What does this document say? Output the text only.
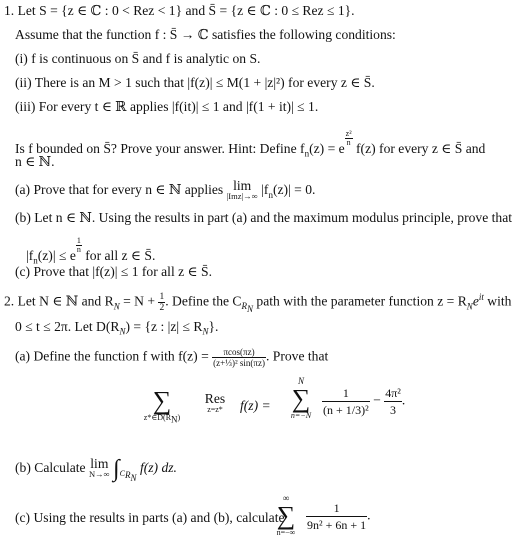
1. Let S = {z ∈ ℂ : 0 < Rez < 1} and S̄ = {z ∈ ℂ : 0 ≤ Rez ≤ 1}.
Assume that the function f : S̄ → ℂ satisfies the following conditions:
(i) f is continuous on S̄ and f is analytic on S.
(ii) There is an M > 1 such that |f(z)| ≤ M(1 + |z|²) for every z ∈ S̄.
(iii) For every t ∈ ℝ applies |f(it)| ≤ 1 and |f(1 + it)| ≤ 1.
Is f bounded on S̄? Prove your answer. Hint: Define $f_n(z) = e$
$\frac{\text{z²}}{n}$
f(z) for every z ∈ S̄ and
n ∈ ℕ.
(a) Prove that for every n ∈ ℕ applies lim
|Imz|→∞ $|f_n(z)| = 0$.
(b) Let n ∈ ℕ. Using the results in part (a) and the maximum modulus principle, prove that
$|f_n(z)| \le e$
$\frac{1}{n}$
for all z ∈ S̄.
(c) Prove that |f(z)| ≤ 1 for all z ∈ S̄.
2. Let N ∈ ℕ and $R_N = N + \frac{1}{2}$ . Define the $C_{R_N}$ path with the parameter function $z = R_Ne^{it}$ with
0 ≤ t ≤ 2π. Let $D(R_N) = \{z$ : $|z| \le R_N$}.
(a) Define the function f with $f(z) = \frac{\pi\cos(\pi z)}{\text{(z+⅓)² sin(πz)}}$ . Prove that
∑
$z*\in D(R_N)$
Res
z=z*	f(z) =
N
∑
$n=-N \frac{1}{\text{(n + 1/3)²}} - \frac{\text{4π²}}{3}$ .
(b) Calculate lim
N→∞ $\int_{C_{R_N}}$ f(z) dz.
(c) Using the results in parts (a) and (b), calculate
∞
∑
$n=-\infty \frac{1}{\text{9n² + 6n + 1}}$ .
